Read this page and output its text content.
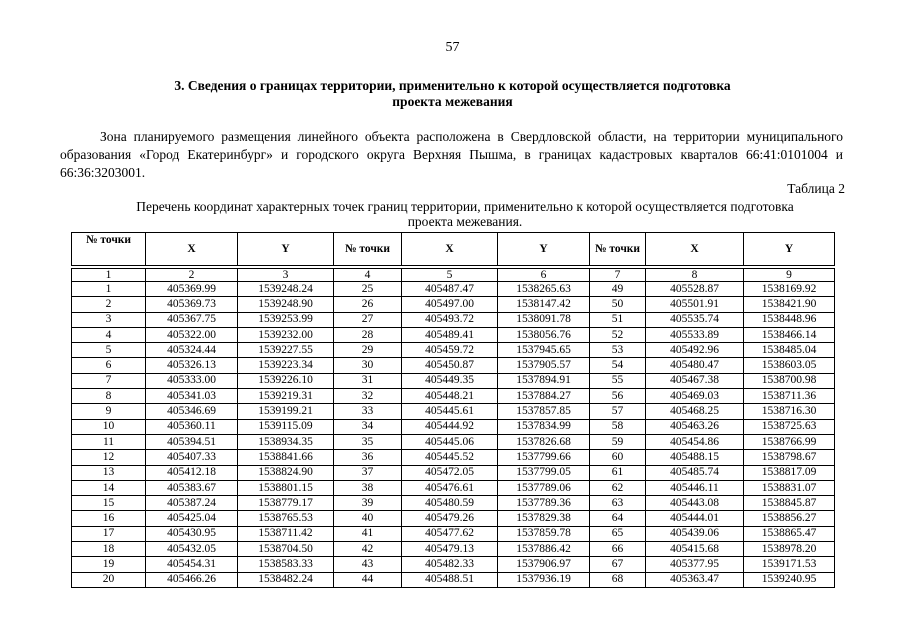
57
3. Сведения о границах территории, применительно к которой осуществляется подготовка
проекта межевания

Зона планируемого размещения линейного объекта расположена в Свердловской области, на территории муниципального образования «Город Екатеринбург» и городского округа Верхняя Пышма, в границах кадастровых кварталов 66:41:0101004 и 66:36:3203001.

Таблица 2
Перечень координат характерных точек границ территории, применительно к которой осуществляется подготовка
проекта межевания.
№ точки	X	Y	№ точки	X	Y	№ точки	X	Y

1	2	3	4	5	6	7	8	9
1	405369.99	1539248.24	25	405487.47	1538265.63	49	405528.87	1538169.92
2	405369.73	1539248.90	26	405497.00	1538147.42	50	405501.91	1538421.90
3	405367.75	1539253.99	27	405493.72	1538091.78	51	405535.74	1538448.96
4	405322.00	1539232.00	28	405489.41	1538056.76	52	405533.89	1538466.14
5	405324.44	1539227.55	29	405459.72	1537945.65	53	405492.96	1538485.04
6	405326.13	1539223.34	30	405450.87	1537905.57	54	405480.47	1538603.05
7	405333.00	1539226.10	31	405449.35	1537894.91	55	405467.38	1538700.98
8	405341.03	1539219.31	32	405448.21	1537884.27	56	405469.03	1538711.36
9	405346.69	1539199.21	33	405445.61	1537857.85	57	405468.25	1538716.30
10	405360.11	1539115.09	34	405444.92	1537834.99	58	405463.26	1538725.63
11	405394.51	1538934.35	35	405445.06	1537826.68	59	405454.86	1538766.99
12	405407.33	1538841.66	36	405445.52	1537799.66	60	405488.15	1538798.67
13	405412.18	1538824.90	37	405472.05	1537799.05	61	405485.74	1538817.09
14	405383.67	1538801.15	38	405476.61	1537789.06	62	405446.11	1538831.07
15	405387.24	1538779.17	39	405480.59	1537789.36	63	405443.08	1538845.87
16	405425.04	1538765.53	40	405479.26	1537829.38	64	405444.01	1538856.27
17	405430.95	1538711.42	41	405477.62	1537859.78	65	405439.06	1538865.47
18	405432.05	1538704.50	42	405479.13	1537886.42	66	405415.68	1538978.20
19	405454.31	1538583.33	43	405482.33	1537906.97	67	405377.95	1539171.53
20	405466.26	1538482.24	44	405488.51	1537936.19	68	405363.47	1539240.95
